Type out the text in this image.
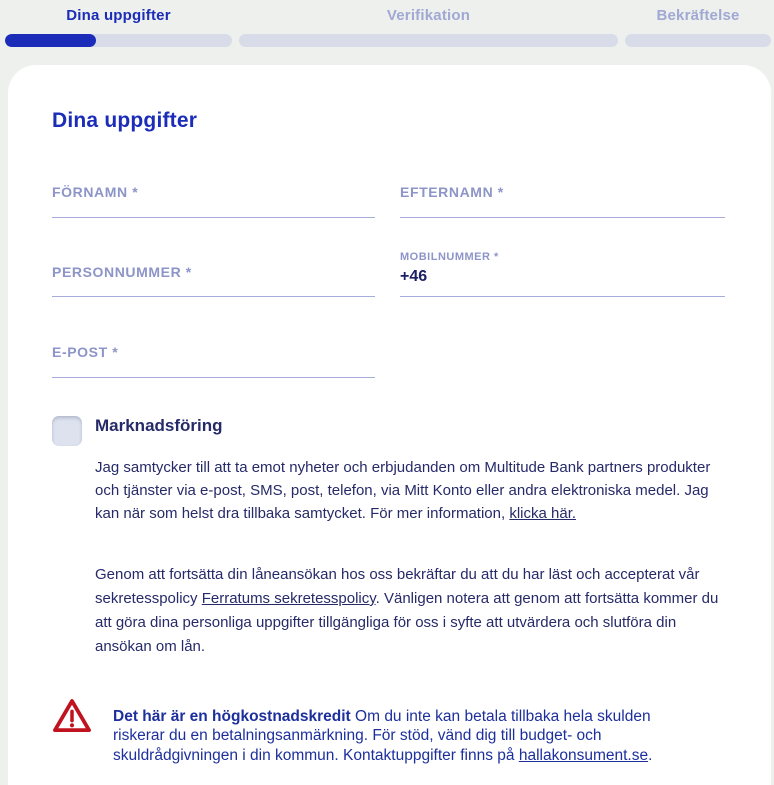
Dina uppgifter	Verifikation	Bekräftelse
Dina uppgifter
FÖRNAMN *	EFTERNAMN *
PERSONNUMMER *
MOBILNUMMER *
+46
E-POST *
Marknadsföring

Jag samtycker till att ta emot nyheter och erbjudanden om Multitude Bank partners produkter och tjänster via e-post, SMS, post, telefon, via Mitt Konto eller andra elektroniska medel. Jag kan när som helst dra tillbaka samtycket. För mer information, klicka här.

Genom att fortsätta din låneansökan hos oss bekräftar du att du har läst och accepterat vår sekretesspolicy Ferratums sekretesspolicy. Vänligen notera att genom att fortsätta kommer du att göra dina personliga uppgifter tillgängliga för oss i syfte att utvärdera och slutföra din ansökan om lån.

Det här är en högkostnadskredit Om du inte kan betala tillbaka hela skulden riskerar du en betalningsanmärkning. För stöd, vänd dig till budget- och skuldrådgivningen i din kommun. Kontaktuppgifter finns på hallakonsument.se.
